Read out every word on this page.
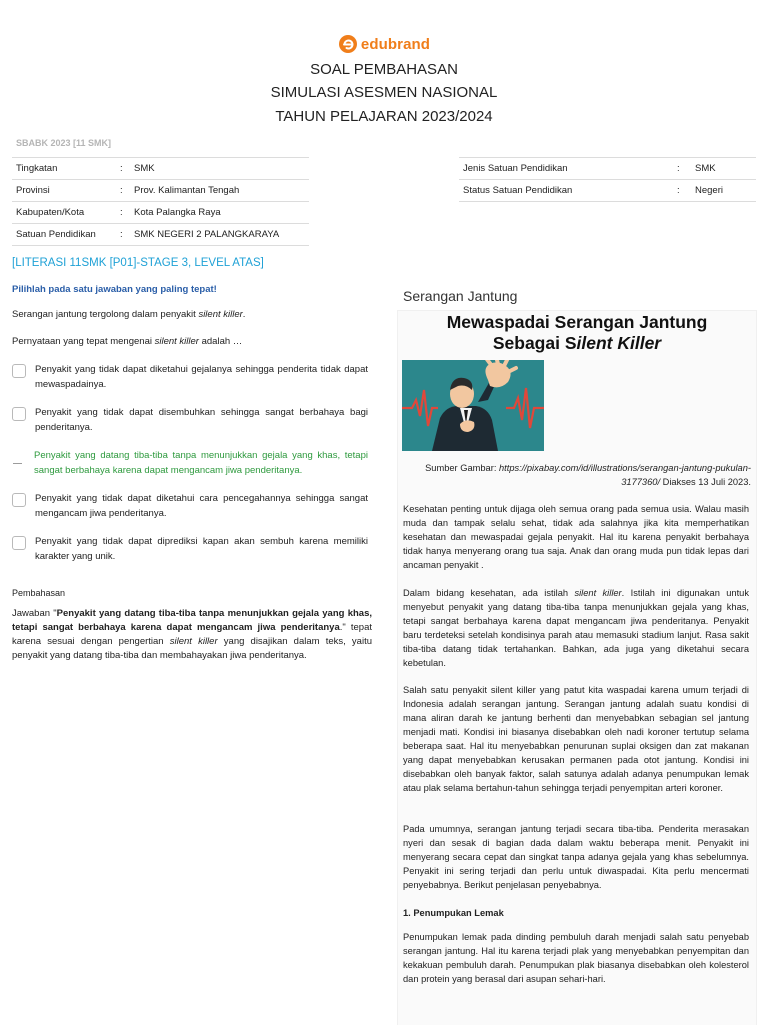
edubrand
SOAL PEMBAHASAN
SIMULASI ASESMEN NASIONAL
TAHUN PELAJARAN 2023/2024
SBABK 2023 [11 SMK]
Tingkatan	:	SMK
Provinsi	:	Prov. Kalimantan Tengah
Kabupaten/Kota	:	Kota Palangka Raya
Satuan Pendidikan	:	SMK NEGERI 2 PALANGKARAYA
Jenis Satuan Pendidikan	:	SMK
Status Satuan Pendidikan	:	Negeri
[LITERASI 11SMK [P01]-STAGE 3, LEVEL ATAS]
Pilihlah pada satu jawaban yang paling tepat!
Serangan jantung tergolong dalam penyakit silent killer.
Pernyataan yang tepat mengenai silent killer adalah …
Penyakit yang tidak dapat diketahui gejalanya sehingga penderita tidak dapat mewaspadainya.
Penyakit yang tidak dapat disembuhkan sehingga sangat berbahaya bagi penderitanya.
Penyakit yang datang tiba-tiba tanpa menunjukkan gejala yang khas, tetapi sangat berbahaya karena dapat mengancam jiwa penderitanya.
Penyakit yang tidak dapat diketahui cara pencegahannya sehingga sangat mengancam jiwa penderitanya.
Penyakit yang tidak dapat diprediksi kapan akan sembuh karena memiliki karakter yang unik.
Pembahasan
Jawaban "Penyakit yang datang tiba-tiba tanpa menunjukkan gejala yang khas, tetapi sangat berbahaya karena dapat mengancam jiwa penderitanya." tepat karena sesuai dengan pengertian silent killer yang disajikan dalam teks, yaitu penyakit yang datang tiba-tiba dan membahayakan jiwa penderitanya.
Serangan Jantung
Mewaspadai Serangan Jantung
Sebagai Silent Killer
Sumber Gambar: https://pixabay.com/id/illustrations/serangan-jantung-pukulan-3177360/ Diakses 13 Juli 2023.
Kesehatan penting untuk dijaga oleh semua orang pada semua usia. Walau masih muda dan tampak selalu sehat, tidak ada salahnya jika kita memperhatikan kesehatan dan mewaspadai gejala penyakit. Hal itu karena penyakit berbahaya tidak hanya menyerang orang tua saja. Anak dan orang muda pun tidak lepas dari ancaman penyakit .
Dalam bidang kesehatan, ada istilah silent killer. Istilah ini digunakan untuk menyebut penyakit yang datang tiba-tiba tanpa menunjukkan gejala yang khas, tetapi sangat berbahaya karena dapat mengancam jiwa penderitanya. Penyakit baru terdeteksi setelah kondisinya parah atau memasuki stadium lanjut. Rasa sakit tiba-tiba datang tidak tertahankan. Bahkan, ada juga yang diketahui secara kebetulan.
Salah satu penyakit silent killer yang patut kita waspadai karena umum terjadi di Indonesia adalah serangan jantung. Serangan jantung adalah suatu kondisi di mana aliran darah ke jantung berhenti dan menyebabkan sebagian sel jantung menjadi mati. Kondisi ini biasanya disebabkan oleh nadi koroner tertutup selama beberapa saat. Hal itu menyebabkan penurunan suplai oksigen dan zat makanan yang dapat menyebabkan kerusakan permanen pada otot jantung. Kondisi ini disebabkan oleh banyak faktor, salah satunya adalah adanya penumpukan lemak atau plak selama bertahun-tahun sehingga terjadi penyempitan arteri koroner.
Pada umumnya, serangan jantung terjadi secara tiba-tiba. Penderita merasakan nyeri dan sesak di bagian dada dalam waktu beberapa menit. Penyakit ini menyerang secara cepat dan singkat tanpa adanya gejala yang khas sebelumnya. Penyakit ini sering terjadi dan perlu untuk diwaspadai. Kita perlu mencermati penyebabnya. Berikut penjelasan penyebabnya.
1. Penumpukan Lemak
Penumpukan lemak pada dinding pembuluh darah menjadi salah satu penyebab serangan jantung. Hal itu karena terjadi plak yang menyebabkan penyempitan dan kekakuan pembuluh darah. Penumpukan plak biasanya disebabkan oleh kolesterol dan protein yang berasal dari asupan sehari-hari.
